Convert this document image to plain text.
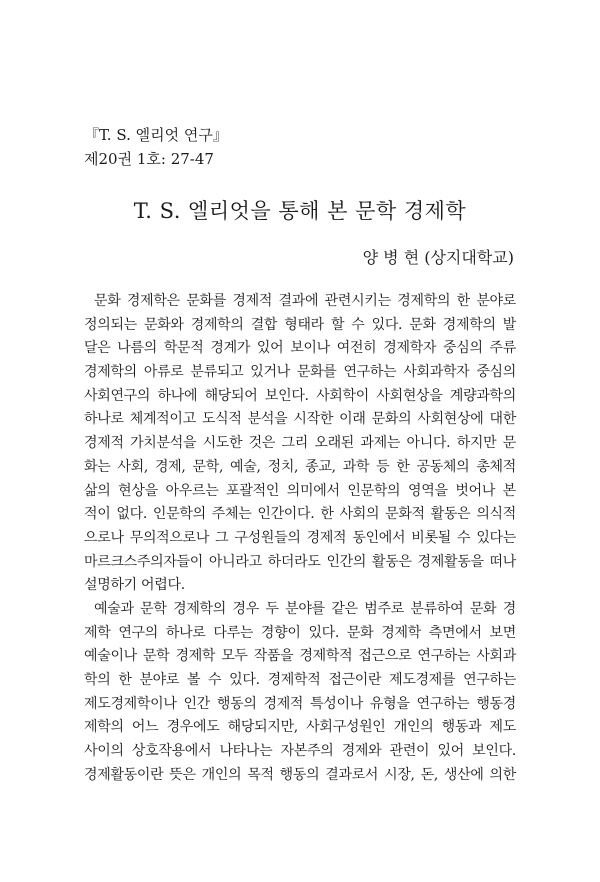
『T. S. 엘리엇 연구』
제20권 1호: 27-47
T. S. 엘리엇을 통해 본 문학 경제학
양 병 현 (상지대학교)
문화 경제학은 문화를 경제적 결과에 관련시키는 경제학의 한 분야로
정의되는 문화와 경제학의 결합 형태라 할 수 있다. 문화 경제학의 발
달은 나름의 학문적 경계가 있어 보이나 여전히 경제학자 중심의 주류
경제학의 아류로 분류되고 있거나 문화를 연구하는 사회과학자 중심의
사회연구의 하나에 해당되어 보인다. 사회학이 사회현상을 계량과학의
하나로 체계적이고 도식적 분석을 시작한 이래 문화의 사회현상에 대한
경제적 가치분석을 시도한 것은 그리 오래된 과제는 아니다. 하지만 문
화는 사회, 경제, 문학, 예술, 정치, 종교, 과학 등 한 공동체의 총체적
삶의 현상을 아우르는 포괄적인 의미에서 인문학의 영역을 벗어나 본
적이 없다. 인문학의 주체는 인간이다. 한 사회의 문화적 활동은 의식적
으로나 무의적으로나 그 구성원들의 경제적 동인에서 비롯될 수 있다는
마르크스주의자들이 아니라고 하더라도 인간의 활동은 경제활동을 떠나
설명하기 어렵다.
예술과 문학 경제학의 경우 두 분야를 같은 범주로 분류하여 문화 경
제학 연구의 하나로 다루는 경향이 있다. 문화 경제학 측면에서 보면
예술이나 문학 경제학 모두 작품을 경제학적 접근으로 연구하는 사회과
학의 한 분야로 볼 수 있다. 경제학적 접근이란 제도경제를 연구하는
제도경제학이나 인간 행동의 경제적 특성이나 유형을 연구하는 행동경
제학의 어느 경우에도 해당되지만, 사회구성원인 개인의 행동과 제도
사이의 상호작용에서 나타나는 자본주의 경제와 관련이 있어 보인다.
경제활동이란 뜻은 개인의 목적 행동의 결과로서 시장, 돈, 생산에 의한
